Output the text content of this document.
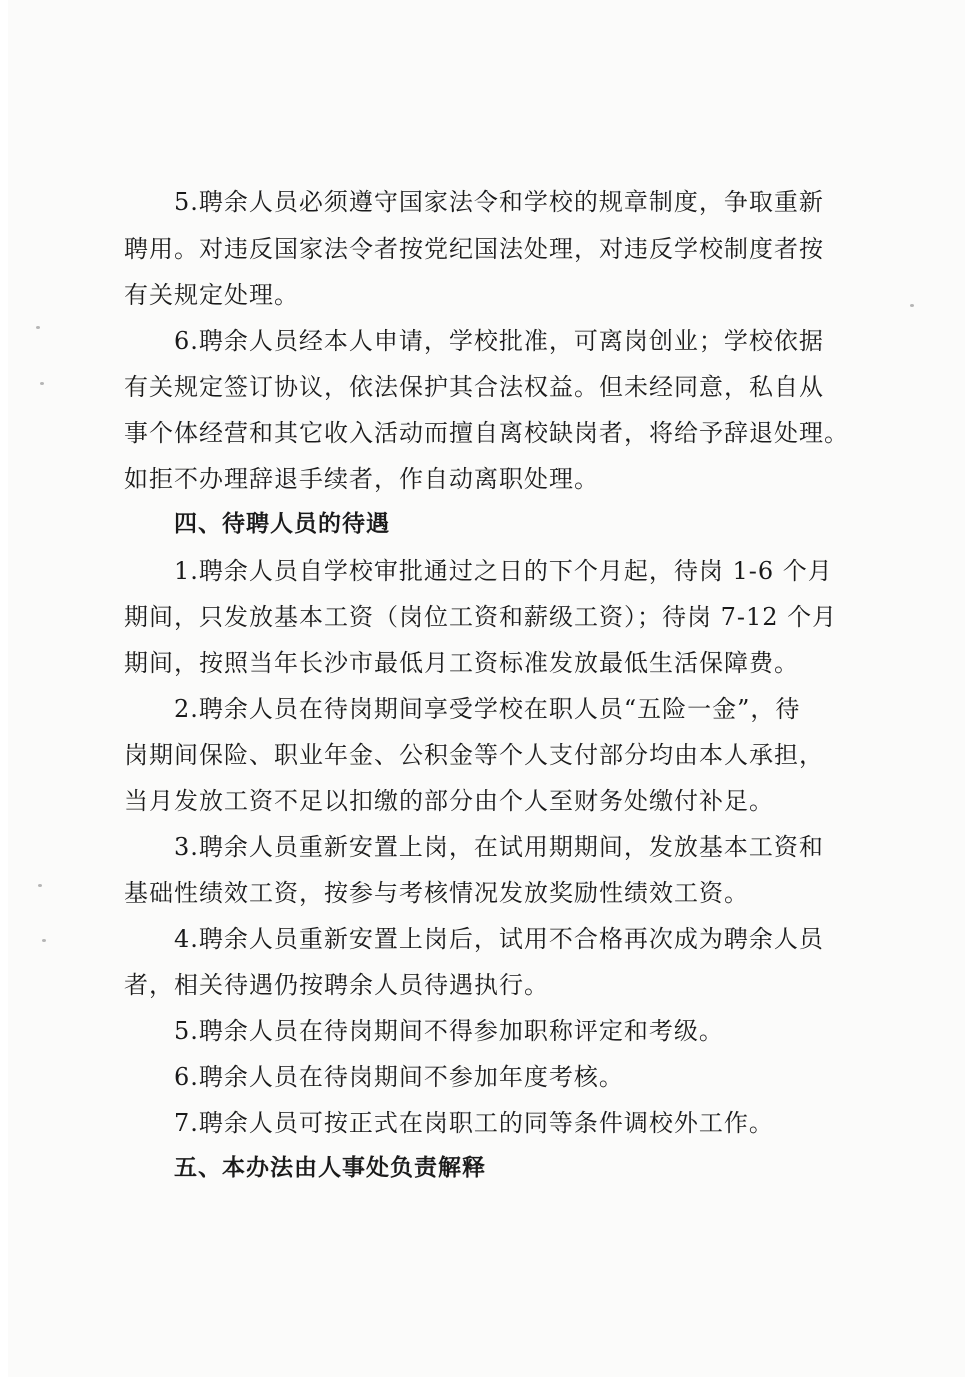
5.聘余人员必须遵守国家法令和学校的规章制度，争取重新
聘用。对违反国家法令者按党纪国法处理，对违反学校制度者按
有关规定处理。
6.聘余人员经本人申请，学校批准，可离岗创业；学校依据
有关规定签订协议，依法保护其合法权益。但未经同意，私自从
事个体经营和其它收入活动而擅自离校缺岗者，将给予辞退处理。
如拒不办理辞退手续者，作自动离职处理。
四、待聘人员的待遇
1.聘余人员自学校审批通过之日的下个月起，待岗 1-6 个月
期间，只发放基本工资（岗位工资和薪级工资）；待岗 7-12 个月
期间，按照当年长沙市最低月工资标准发放最低生活保障费。
2.聘余人员在待岗期间享受学校在职人员“五险一金”，待
岗期间保险、职业年金、公积金等个人支付部分均由本人承担，
当月发放工资不足以扣缴的部分由个人至财务处缴付补足。
3.聘余人员重新安置上岗，在试用期期间，发放基本工资和
基础性绩效工资，按参与考核情况发放奖励性绩效工资。
4.聘余人员重新安置上岗后，试用不合格再次成为聘余人员
者，相关待遇仍按聘余人员待遇执行。
5.聘余人员在待岗期间不得参加职称评定和考级。
6.聘余人员在待岗期间不参加年度考核。
7.聘余人员可按正式在岗职工的同等条件调校外工作。
五、本办法由人事处负责解释
